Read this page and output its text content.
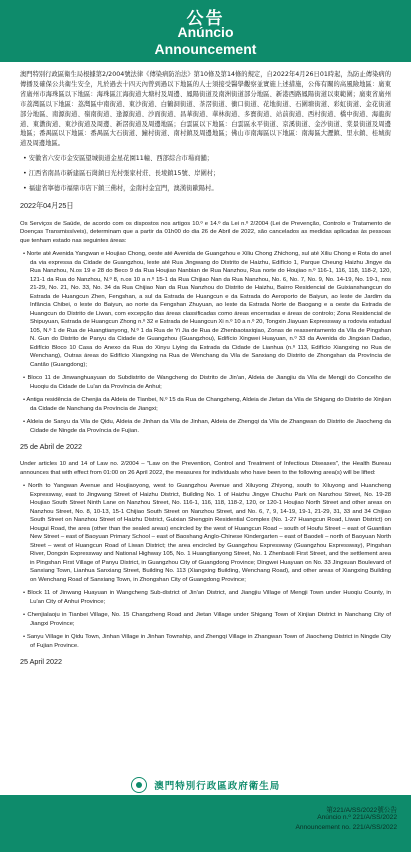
公告
Anúncio
Announcement

澳門特別行政區衛生局根據第2/2004號法律《傳染病防治法》第10條及第14條的規定，自2022年4月26日01時起，為防止傳染病的傳播及確保公共衛生安全，凡於過去十四天內曾到過以下地區的人士須接受醫學觀察並實施上述措施，公佈有關的高風險地區：廣東省廣州市海珠區以下地區：海珠區江海街道大塘村及周邊、鳳陽街道及南洲街道部分地區、新港西路鳳陽街道以東範圍；廣東省廣州市荔灣區以下地區：荔灣區中南街道、東沙街道、白鶴洞街道、茶滘街道、衝口街道、花地街道、石圍塘街道、彩虹街道、金花街道部分地區、南源街道、嶺南街道、逢源街道、沙面街道、昌華街道、華林街道、多寶街道、站前街道、西村街道、橋中街道、海龍街道、東漖街道、東沙街道及周邊、新滘街道及周邊地區；白雲區以下地區：白雲區永平街道、京溪街道、金沙街道、棠景街道及周邊地區；番禺區以下地區：番禺區大石街道、鐘村街道、南村鎮及周邊地區；佛山市南海區以下地區：南海區大瀝鎮、里水鎮、桂城街道及周邊地區。

• 安徽省六安市金安區望城街道金星花園11幢、西部綜合市場商舖；

• 江西省南昌市新建區石崗鎮日光村張家村莊、長堎鎮15號、岸圍村；

• 福建省寧德市福鼎市店下鎮三佛村，金南村金宜門，澳漢街歐陽村。

2022年04月25日

Os Serviços de Saúde, de acordo com os dispostos nos artigos 10.º e 14.º da Lei n.º 2/2004 (Lei de Prevenção, Controlo e Tratamento de Doenças Transmissíveis), determinam que a partir da 01h00 do dia 26 de Abril de 2022, são cancelados as medidas aplicadas às pessoas que tenham estado nas seguintes áreas:

• Norte até Avenida Yangwan e Houjiao Chong, oeste até Avenida de Guangzhou e Xiliu Chong Zhichong, sul até Xiliu Chong e Rota do anel da via expressa da Cidade de Guangzhou, leste até Rua Jingwang do Distrito de Haizhu, Edifício 1, Parque Cheung Haizhu Jingye da Rua Nanzhou, N.os 19 e 28 do Beco 9 da Rua Houjiao Nanbian de Rua Nanzhou, Rua norte do Houjiao n.º 116-1, 116, 118, 118-2, 120, 121-1 da Rua do Nanzhou, N.º 8, n.os 10 a n.º 15-1 da Rua Chijiao Nan da Rua Nanzhou, No. 6, No. 7, No. 9, No. 14-19, No. 19-1, nos 21-29, No. 21, No. 33, No. 34 da Rua Chijiao Nan da Rua Nanzhou do Distrito de Haizhu, Bairro Residencial de Guixianshangcun do Estrada de Huangcun Zhen, Fengshan, a sul da Estrada de Huangcun e da Estrada do Aeroporto de Baiyun, ao leste de Jardim da Infância Chibei, o leste do Baiyun, ao norte da Fengshan Zhuyuan, ao leste da Estrada Norte de Baogang e a oeste da Estrada de Huangcun do Distrito de Liwan, com excepção das áreas classificadas como áreas encerradas e áreas de controlo; Zona Residencial de Shipuyuan, Estrada de Huangcun Zhong n.º 32 e Estrada de Huangcun Xi n.º 10 a n.º 20, Tongxin Jiayuan Expressway a rodovia estadual 105, N.º 1 de Rua de Huangtianyong, N.º 1 da Rua de Yi Jia de Rua de Zhenbaotaxiqiao, Zonas de reassentamento da Vila de Pingshan N. Gun do Distrito de Panyu da Cidade de Guangzhou (Guangzhou), Edifício Xingwei Huayuan, n.º 33 da Avenida do Jingxian Dadao, Edifício Bloco 10 Casa do Anexo da Rua do Xinyu Liying da Estrada da Cidade de Lianhua (n.º 113, Edifício Xiangxing no Rua de Wenchang), Outras áreas do Edifício Xiangxing na Rua de Wenchang da Vila de Sanxiang do Distrito de Zhongshan da Província de Cantão (Guangdong);

• Bloco 11 de Jinwanghuayuan do Subdistrito de Wangcheng do Distrito de Jin'an, Aldeia de Jiangjiu da Vila de Mengji do Concelho de Huoqiu da Cidade de Lu'an da Província de Anhui;

• Antiga residência de Chenjia da Aldeia de Tianbei, N.º 15 da Rua de Changzheng, Aldeia de Jietan da Vila de Shigang do Distrito de Xinjian da Cidade de Nanchang da Província de Jiangxi;

• Aldeia de Sanyu da Vila de Qidu, Aldeia de Jinhan da Vila de Jinhan, Aldeia de Zhengqi da Vila de Zhangwan do Distrito de Jiaocheng da Cidade de Ningde da Província de Fujian.

25 de Abril de 2022

Under articles 10 and 14 of Law no. 2/2004 – "Law on the Prevention, Control and Treatment of Infectious Diseases", the Health Bureau announces that with effect from 01:00 on 26 April 2022, the measures for individuals who have been to the following area(s) will be lifted:

• North to Yangwan Avenue and Houjiaoyong, west to Guangzhou Avenue and Xiluyong Zhiyong, south to Xiluyong and Huancheng Expressway, east to Jingwang Street of Haizhu District, Building No. 1 of Haizhu Jingye Chuchu Park on Nanzhou Street, No. 19-28 Houjiao South Street Ninth Lane on Nanzhou Street, No. 116-1, 116, 118, 118-2, 120, or 120-1 Houjiao North Street and other areas on Nanzhou Street, No. 8, 10-13, 15-1 Chijiao South Street on Nanzhou Street, and No. 6, 7, 9, 14-19, 19-1, 21-29, 31, 33 and 34 Chijiao South Street on Nanzhou Street of Haizhu District, Guixian Shengpin Residential Complex (No. 1-27 Huangcun Road, Liwan District) on Hougui Road, the area (other than the sealed areas) encircled by the west of Huangcun Road – south of Houfu Street – east of Guantian New Street – east of Baoyuan Primary School – east of Baoshang Anglo-Chinese Kindergarten – east of Baodeli – north of Baoyuan North Street – west of Huangcun Road of Liwan District; the area encircled by Guangzhou Expressway (Guangzhou Expressway), Pingshan River, Dongxin Expressway and National Highway 105, No. 1 Huangtianyong Street, No. 1 Zhenbaoli First Street, and the settlement area in Pingshan First Village of Panyu District, in Guangzhou City of Guangdong Province; Dingwei Huayuan on No. 33 Jingxuan Boulevard of Sanxiang Town, Lianhua Sanxiang Street, Building No. 113 (Xiangxing Building, Wenchang Road), and other areas of Xiangxing Building on Wenchang Road of Sanxiang Town, in Zhongshan City of Guangdong Province;

• Block 11 of Jinwang Huayuan in Wangcheng Sub-district of Jin'an District, and Jiangjiu Village of Mengji Town under Huoqiu County, in Lu'an City of Anhui Province;

• Chenjialaoju in Tianbei Village, No. 15 Changzheng Road and Jietan Village under Shigang Town of Xinjian District in Nanchang City of Jiangxi Province;

• Sanyu Village in Qidu Town, Jinhan Village in Jinhan Township, and Zhengqi Village in Zhangwan Town of Jiaocheng District in Ningde City of Fujian Province.

25 April 2022

澳門特別行政區政府衛生局
第221/A/SS/2022號公告
Anúncio n.º 221/A/SS/2022
Announcement no. 221/A/SS/2022
